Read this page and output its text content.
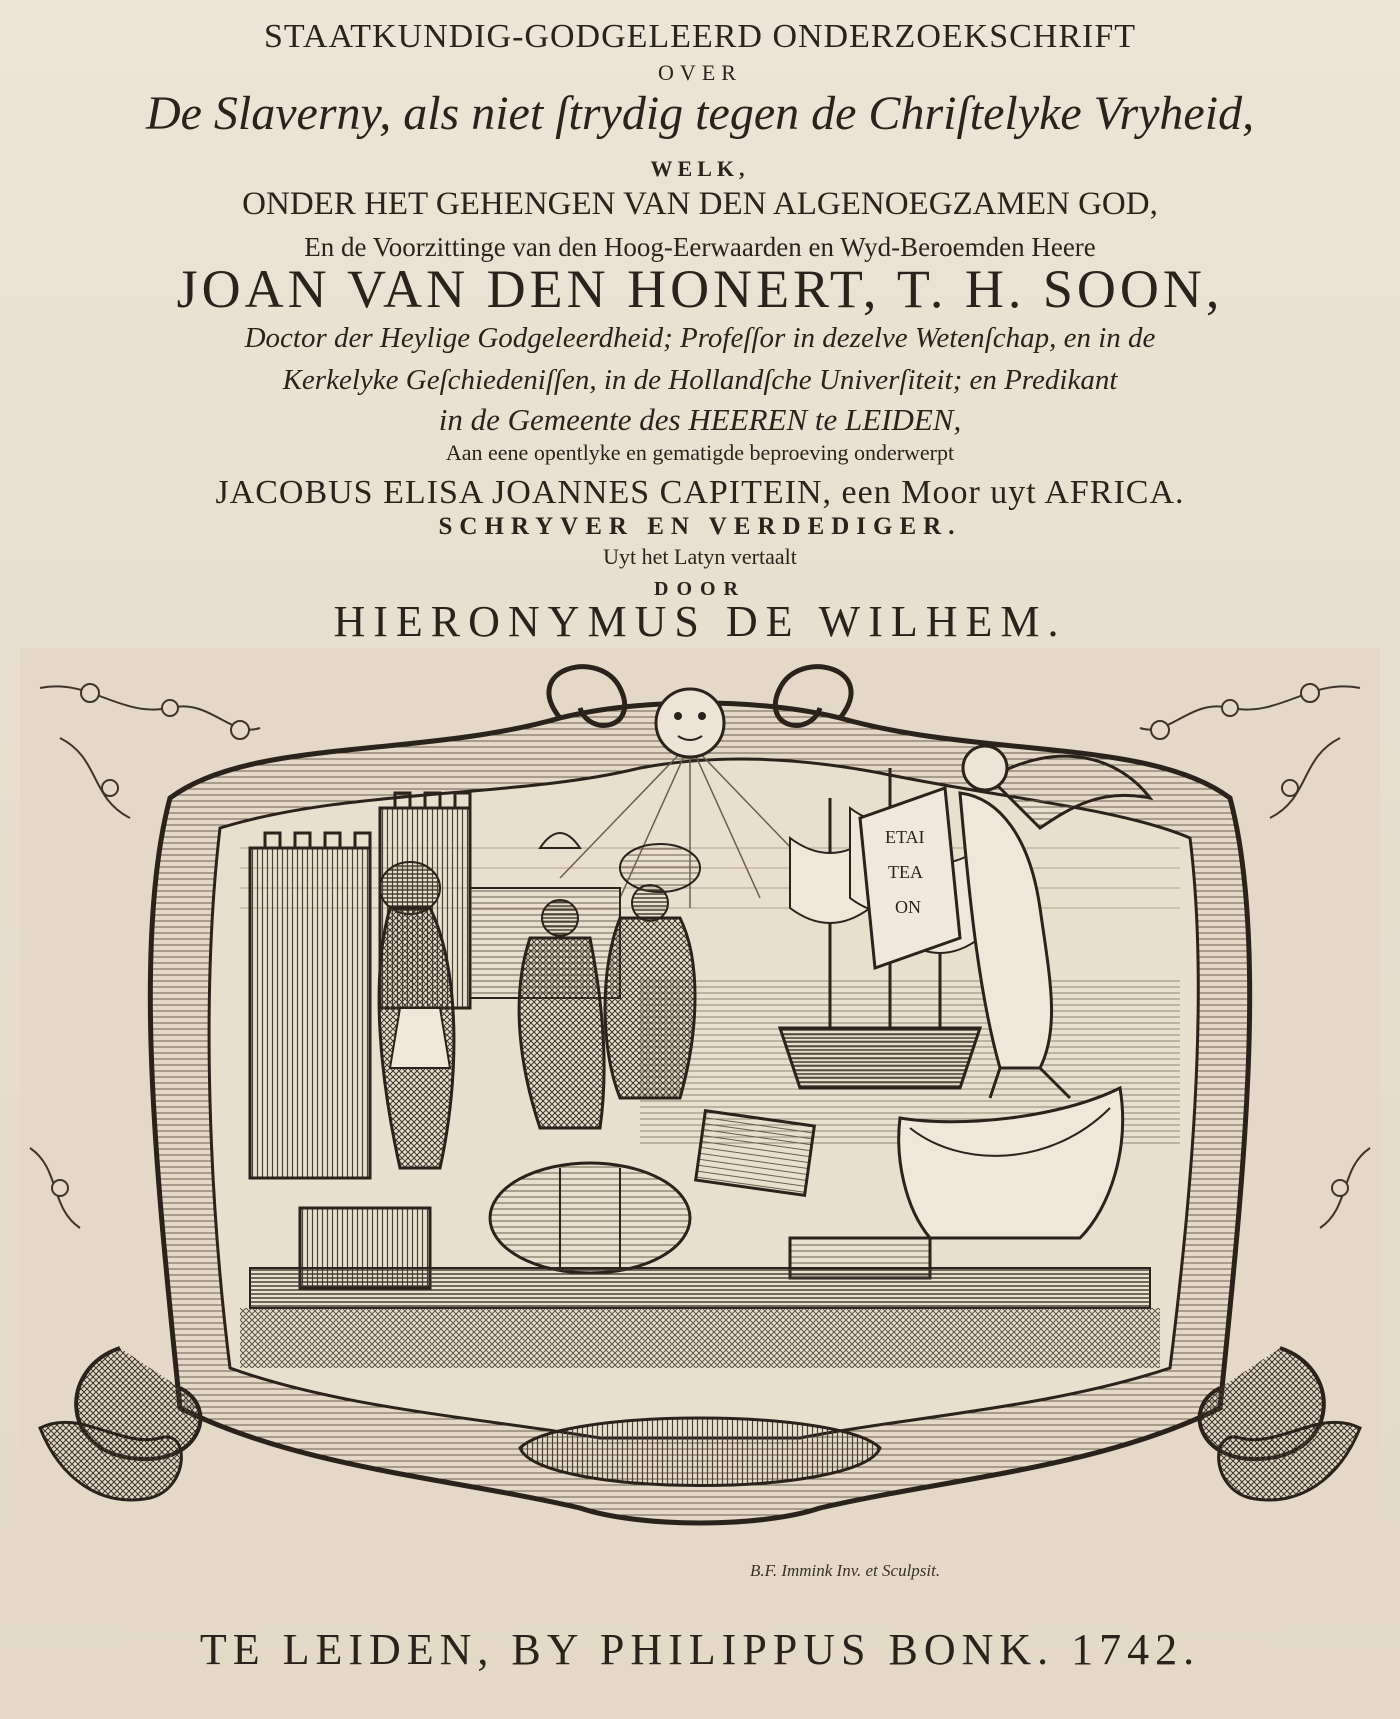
STAATKUNDIG-GODGELEERD ONDERZOEKSCHRIFT
OVER
De Slaverny, als niet ſtrydig tegen de Chriſtelyke Vryheid,
WELK,
ONDER HET GEHENGEN VAN DEN ALGENOEGZAMEN GOD,
En de Voorzittinge van den Hoog-Eerwaarden en Wyd-Beroemden Heere
JOAN VAN DEN HONERT, T. H. SOON,
Doctor der Heylige Godgeleerdheid; Profeſſor in dezelve Wetenſchap, en in de
Kerkelyke Geſchiedeniſſen, in de Hollandſche Univerſiteit; en Predikant
in de Gemeente des HEEREN te LEIDEN,
Aan eene opentlyke en gematigde beproeving onderwerpt
JACOBUS ELISA JOANNES CAPITEIN, een Moor uyt AFRICA.
SCHRYVER EN VERDEDIGER.
Uyt het Latyn vertaalt
DOOR
HIERONYMUS DE WILHEM.
ETAI
TEA
ON
B.F. Immink Inv. et Sculpsit.
TE LEIDEN, BY PHILIPPUS BONK. 1742.
